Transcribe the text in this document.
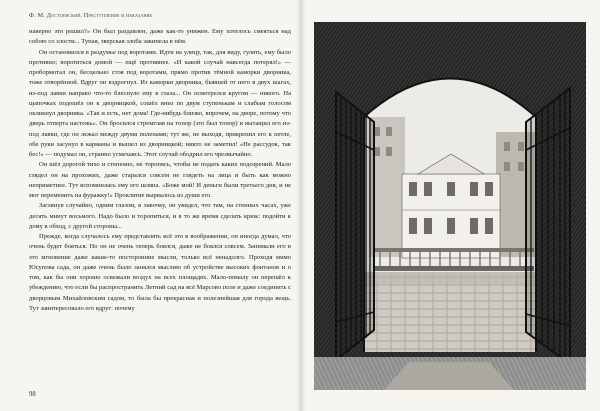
Ф. М. Достоевский. Преступление и наказание

наверно это решил?» Он был раздавлен, даже как-то унижен. Ему хотелось смеяться над собою со злости... Тупая, зверская злоба закипела в нём.

Он остановился в раздумье под воротами. Идти на улицу, так, для виду, гулять, ему было противно; воротиться домой — ещё противнее. «И какой случай навсегда потерял!» — пробормотал он, бесцельно стоя под воротами, прямо против тёмной каморки дворника, тоже отворённой. Вдруг он вздрогнул. Из каморки дворника, бывшей от него в двух шагах, из-под лавки направо что-то блеснуло ему в глаза... Он осмотрелся кругом — никого. На цыпочках подошёл он к дворницкой, сошёл вниз по двум ступенькам и слабым голосом окликнул дворника. «Так и есть, нет дома! Где-нибудь близко, впрочем, на дворе, потому что дверь отперта настежь». Он бросился стремглав на топор (это был топор) и вытащил его из-под лавки, где он лежал между двумя поленами; тут же, не выходя, прикрепил его к петле, обе руки засунул в карманы и вышел из дворницкой; никто не заметил! «Не рассудок, так бес!» — подумал он, странно усмехаясь. Этот случай ободрил его чрезвычайно.

Он шёл дорогой тихо и степенно, не торопясь, чтобы не подать каких подозрений. Мало глядел он на прохожих, даже старался совсем не глядеть на лица и быть как можно неприметнее. Тут вспомнилась ему его шляпа. «Боже мой! И деньги были третьего дня, и не мог переменить на фуражку!» Проклятие вырвалось из души его.

Заглянув случайно, одним глазом, в лавочку, он увидел, что там, на стенных часах, уже десять минут восьмого. Надо было и торопиться, и в то же время сделать крюк: подойти к дому в обход, с другой стороны...

Прежде, когда случалось ему представлять всё это в воображении, он иногда думал, что очень будет бояться. Но он не очень теперь боялся, даже не боялся совсем. Занимали его в это мгновение даже какие-то посторонние мысли, только всё ненадолго. Проходя мимо Юсупова сада, он даже очень было занялся мыслию об устройстве высоких фонтанов и о том, как бы они хорошо освежали воздух на всех площадях. Мало-помалу он перешёл к убеждению, что если бы распространить Летний сад на всё Марсово поле и даже соединить с дворцовым Михайловским садом, то была бы прекрасная и полезнейшая для города вещь. Тут заинтересовало его вдруг: почему

98
